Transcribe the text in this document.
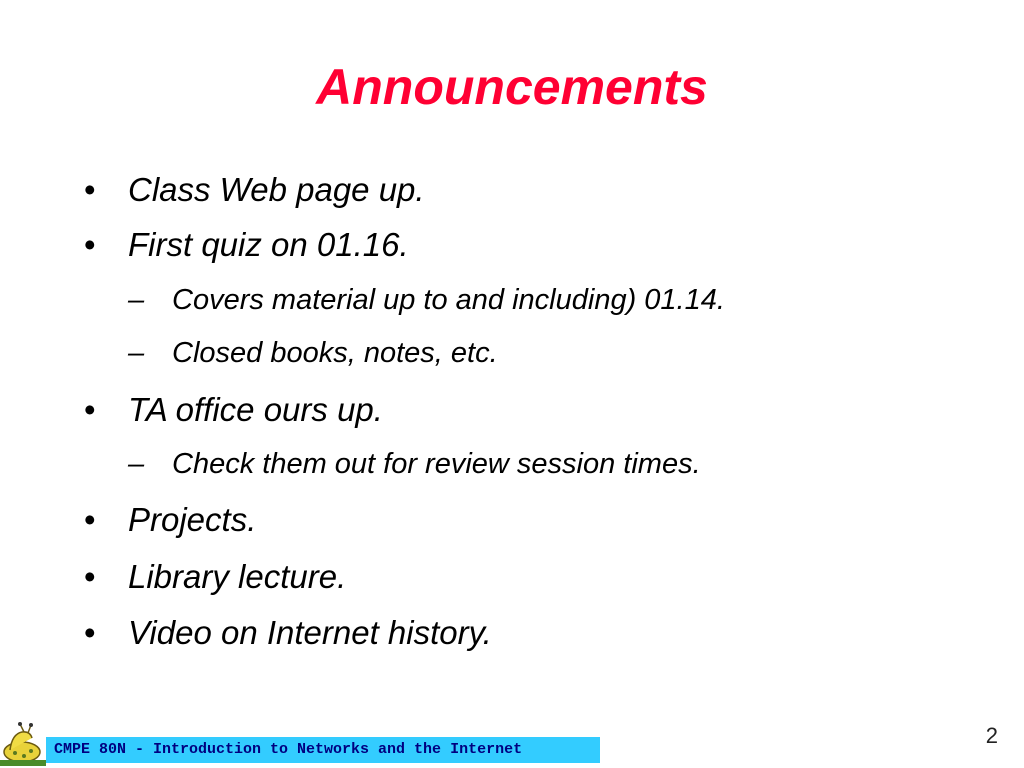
Announcements
• Class Web page up.
• First quiz on 01.16.
– Covers material up to and including) 01.14.
– Closed books, notes, etc.
• TA office ours up.
– Check them out for review session times.
• Projects.
• Library lecture.
• Video on Internet history.
CMPE 80N - Introduction to Networks and the Internet
2
